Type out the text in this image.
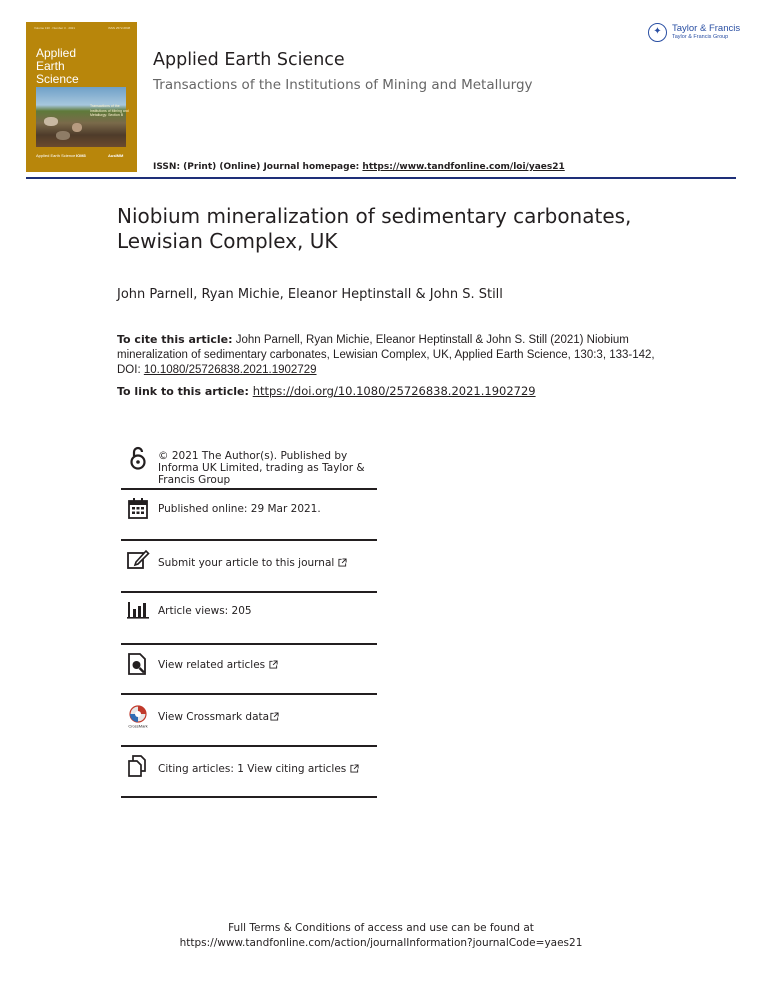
Volume 130 · Number 3 · 2021	ISSN 2572-6838
Applied
Earth
Science
Transactions of the Institutions of Mining and Metallurgy: Section B
Applied Earth Science IOM3	AusIMM
Applied Earth Science
Transactions of the Institutions of Mining and Metallurgy
✦	Taylor & Francis
Taylor & Francis Group
ISSN: (Print) (Online) Journal homepage: https://www.tandfonline.com/loi/yaes21
Niobium mineralization of sedimentary carbonates, Lewisian Complex, UK
John Parnell, Ryan Michie, Eleanor Heptinstall & John S. Still
To cite this article: John Parnell, Ryan Michie, Eleanor Heptinstall & John S. Still (2021) Niobium mineralization of sedimentary carbonates, Lewisian Complex, UK, Applied Earth Science, 130:3, 133-142, DOI: 10.1080/25726838.2021.1902729
To link to this article: https://doi.org/10.1080/25726838.2021.1902729
© 2021 The Author(s). Published by Informa UK Limited, trading as Taylor & Francis Group
Published online: 29 Mar 2021.
Submit your article to this journal
Article views: 205
View related articles
CrossMark
View Crossmark data
Citing articles: 1 View citing articles
Full Terms & Conditions of access and use can be found at
https://www.tandfonline.com/action/journalInformation?journalCode=yaes21
